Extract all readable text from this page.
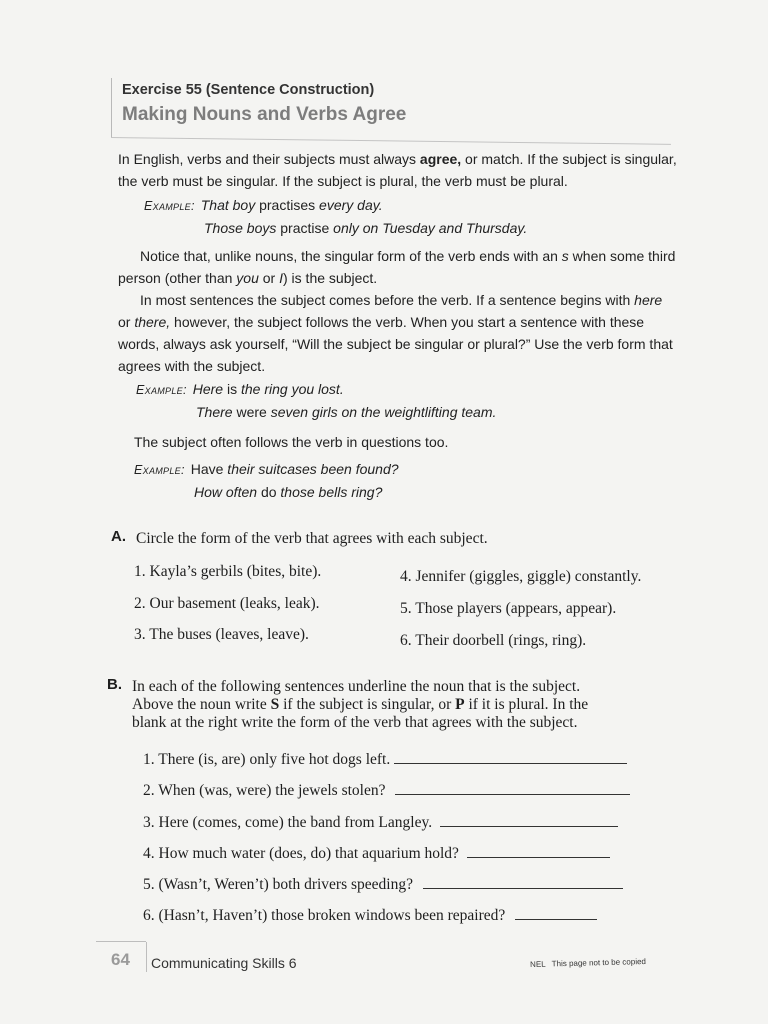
Exercise 55 (Sentence Construction)
Making Nouns and Verbs Agree

In English, verbs and their subjects must always agree, or match. If the subject is singular, the verb must be singular. If the subject is plural, the verb must be plural.

Example: That boy practises every day.
Those boys practise only on Tuesday and Thursday.

Notice that, unlike nouns, the singular form of the verb ends with an s when some third person (other than you or I) is the subject.

In most sentences the subject comes before the verb. If a sentence begins with here or there, however, the subject follows the verb. When you start a sentence with these words, always ask yourself, “Will the subject be singular or plural?” Use the verb form that agrees with the subject.

Example: Here is the ring you lost.
There were seven girls on the weightlifting team.

The subject often follows the verb in questions too.

Example: Have their suitcases been found?
How often do those bells ring?
A. Circle the form of the verb that agrees with each subject.
1. Kayla’s gerbils (bites, bite).
2. Our basement (leaks, leak).
3. The buses (leaves, leave).
4. Jennifer (giggles, giggle) constantly.
5. Those players (appears, appear).
6. Their doorbell (rings, ring).
B. In each of the following sentences underline the noun that is the subject.
Above the noun write S if the subject is singular, or P if it is plural. In the
blank at the right write the form of the verb that agrees with the subject.
1. There (is, are) only five hot dogs left.
2. When (was, were) the jewels stolen?
3. Here (comes, come) the band from Langley.
4. How much water (does, do) that aquarium hold?
5. (Wasn’t, Weren’t) both drivers speeding?
6. (Hasn’t, Haven’t) those broken windows been repaired?
64 Communicating Skills 6	NEL This page not to be copied
